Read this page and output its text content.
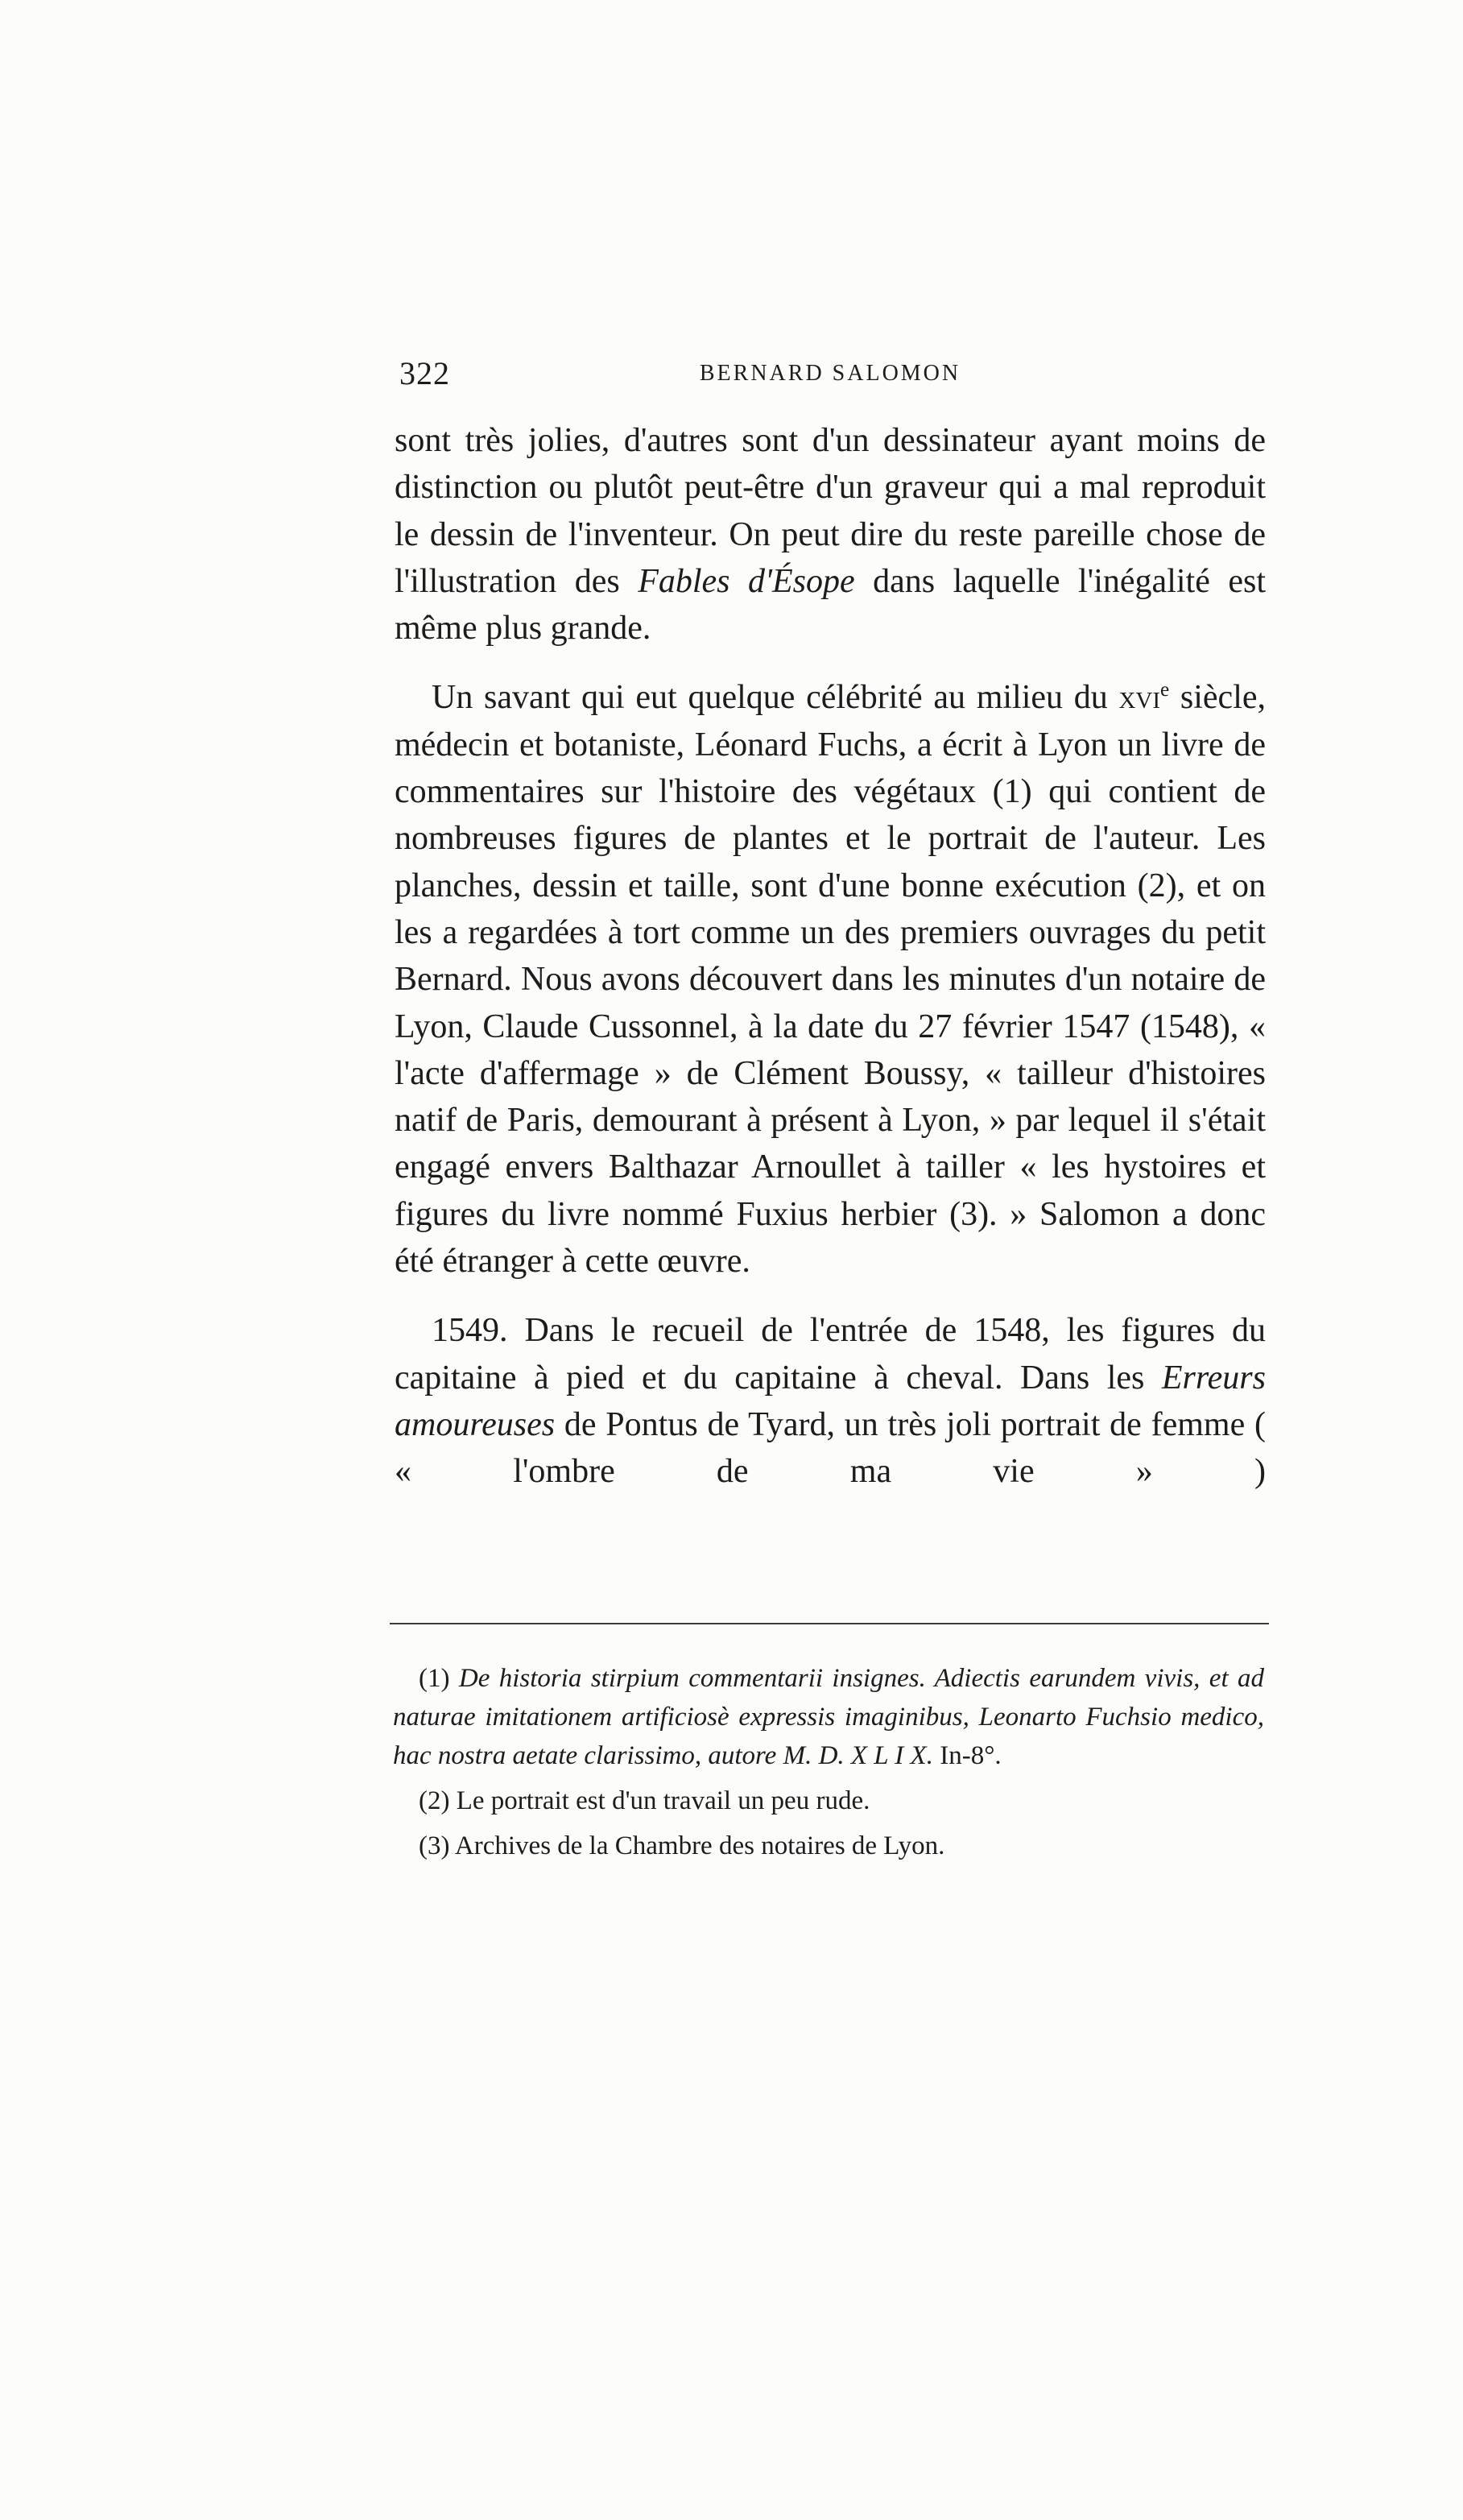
322	BERNARD SALOMON

sont très jolies, d'autres sont d'un dessinateur ayant moins de distinction ou plutôt peut-être d'un graveur qui a mal reproduit le dessin de l'inventeur. On peut dire du reste pareille chose de l'illustration des Fables d'Ésope dans laquelle l'inégalité est même plus grande.

Un savant qui eut quelque célébrité au milieu du xvi$^e$ siècle, médecin et botaniste, Léonard Fuchs, a écrit à Lyon un livre de commentaires sur l'histoire des végétaux (1) qui contient de nombreuses figures de plantes et le portrait de l'auteur. Les planches, dessin et taille, sont d'une bonne exécution (2), et on les a regardées à tort comme un des premiers ouvrages du petit Bernard. Nous avons découvert dans les minutes d'un notaire de Lyon, Claude Cussonnel, à la date du 27 février 1547 (1548), « l'acte d'affermage » de Clément Boussy, « tailleur d'histoires natif de Paris, demourant à présent à Lyon, » par lequel il s'était engagé envers Balthazar Arnoullet à tailler « les hystoires et figures du livre nommé Fuxius herbier (3). » Salomon a donc été étranger à cette œuvre.

1549. Dans le recueil de l'entrée de 1548, les figures du capitaine à pied et du capitaine à cheval. Dans les Erreurs amoureuses de Pontus de Tyard, un très joli portrait de femme ( « l'ombre de ma vie » )

(1) De historia stirpium commentarii insignes. Adiectis earundem vivis, et ad naturae imitationem artificiosè expressis imaginibus, Leonarto Fuchsio medico, hac nostra aetate clarissimo, autore M. D. X L I X. In-8°.

(2) Le portrait est d'un travail un peu rude.

(3) Archives de la Chambre des notaires de Lyon.
